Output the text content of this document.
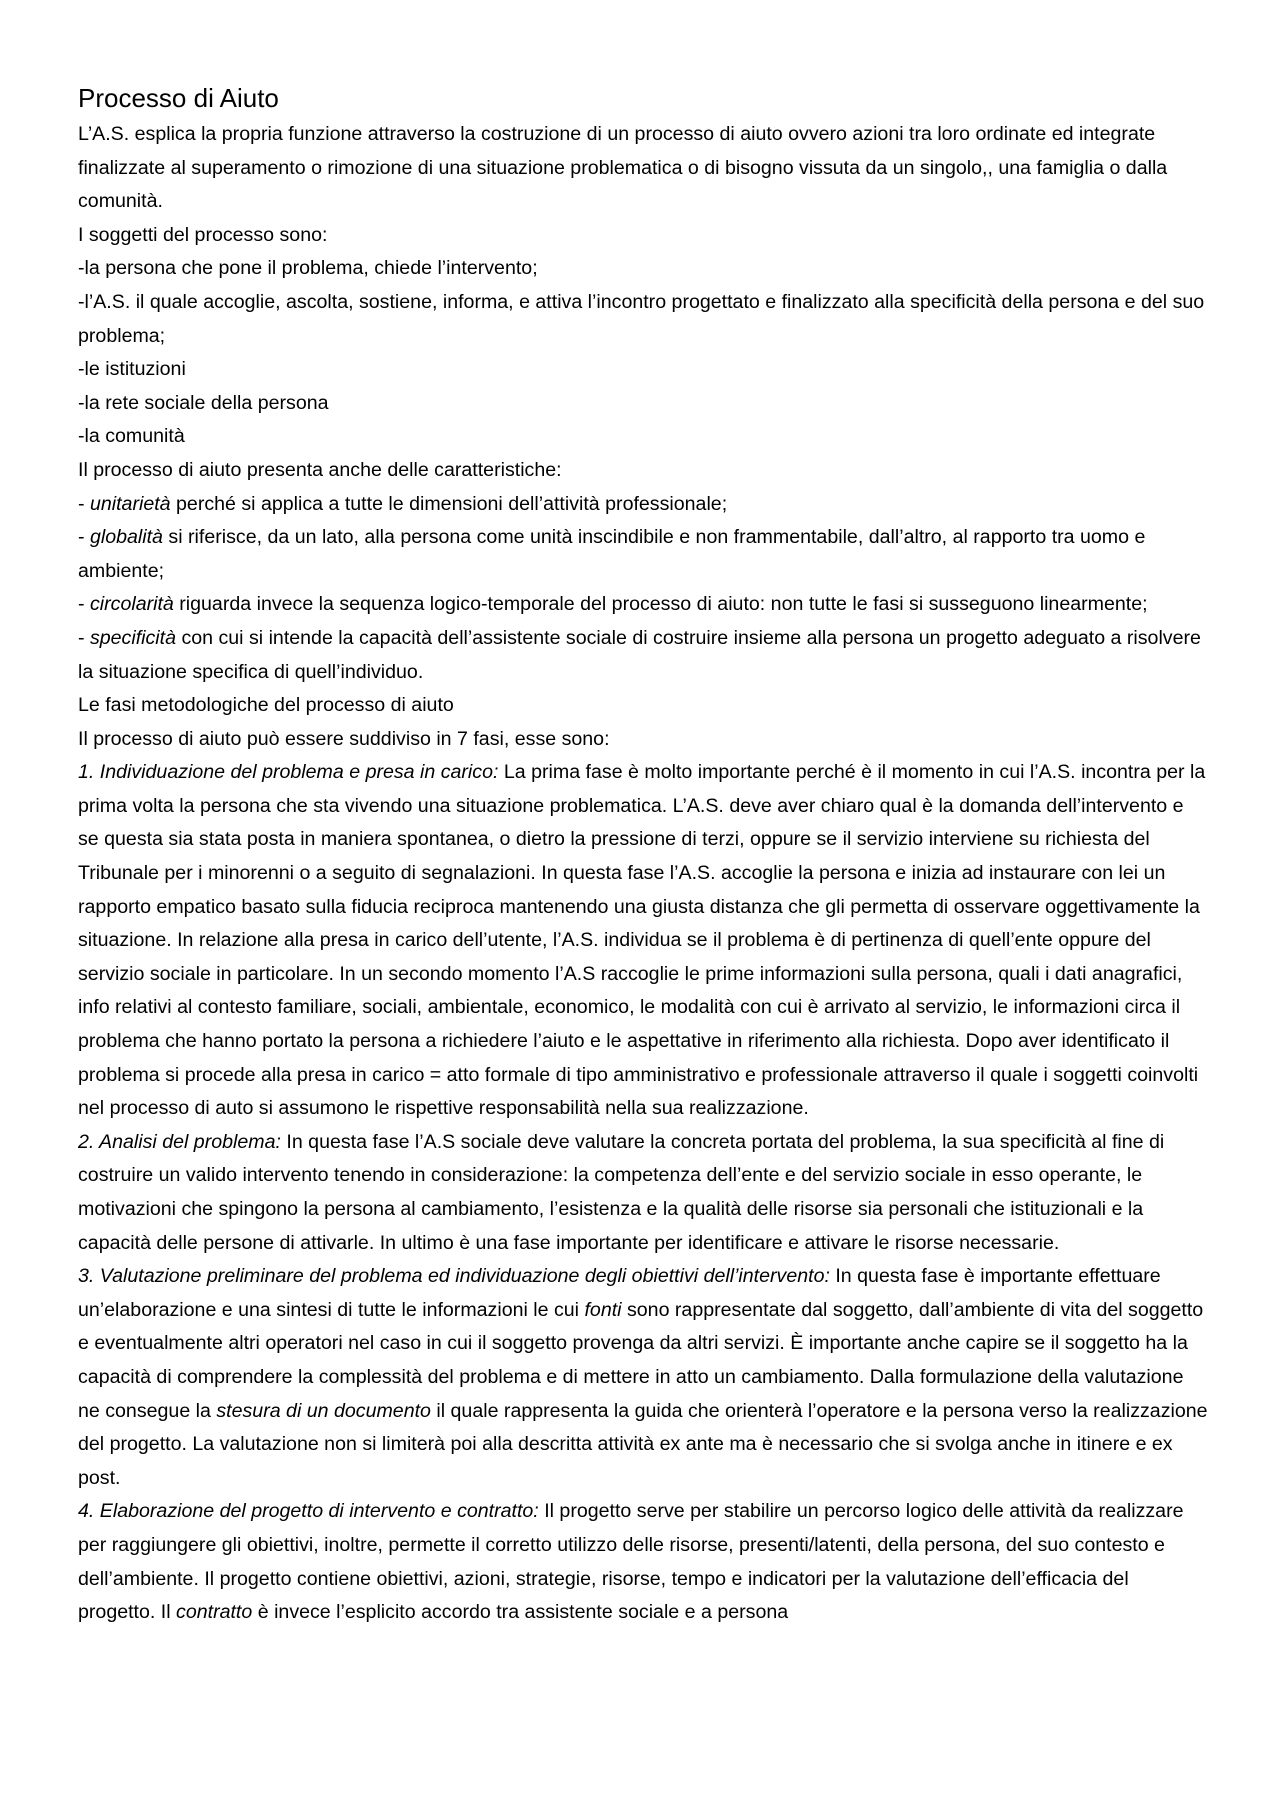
Processo di Aiuto

L’A.S. esplica la propria funzione attraverso la costruzione di un processo di aiuto ovvero azioni tra loro ordinate ed integrate finalizzate al superamento o rimozione di una situazione problematica o di bisogno vissuta da un singolo,, una famiglia o dalla comunità.

I soggetti del processo sono:

-la persona che pone il problema, chiede l’intervento;

-l’A.S. il quale accoglie, ascolta, sostiene, informa, e attiva l’incontro progettato e finalizzato alla specificità della persona e del suo problema;

-le istituzioni

-la rete sociale della persona

-la comunità

Il processo di aiuto presenta anche delle caratteristiche:

- unitarietà perché si applica a tutte le dimensioni dell’attività professionale;

- globalità si riferisce, da un lato, alla persona come unità inscindibile e non frammentabile, dall’altro, al rapporto tra uomo e ambiente;

- circolarità riguarda invece la sequenza logico-temporale del processo di aiuto: non tutte le fasi si susseguono linearmente;

- specificità con cui si intende la capacità dell’assistente sociale di costruire insieme alla persona un progetto adeguato a risolvere la situazione specifica di quell’individuo.

Le fasi metodologiche del processo di aiuto

Il processo di aiuto può essere suddiviso in 7 fasi, esse sono:

1. Individuazione del problema e presa in carico: La prima fase è molto importante perché è il momento in cui l’A.S. incontra per la prima volta la persona che sta vivendo una situazione problematica. L’A.S. deve aver chiaro qual è la domanda dell’intervento e se questa sia stata posta in maniera spontanea, o dietro la pressione di terzi, oppure se il servizio interviene su richiesta del Tribunale per i minorenni o a seguito di segnalazioni. In questa fase l’A.S. accoglie la persona e inizia ad instaurare con lei un rapporto empatico basato sulla fiducia reciproca mantenendo una giusta distanza che gli permetta di osservare oggettivamente la situazione. In relazione alla presa in carico dell’utente, l’A.S. individua se il problema è di pertinenza di quell’ente oppure del servizio sociale in particolare. In un secondo momento l’A.S raccoglie le prime informazioni sulla persona, quali i dati anagrafici, info relativi al contesto familiare, sociali, ambientale, economico, le modalità con cui è arrivato al servizio, le informazioni circa il problema che hanno portato la persona a richiedere l’aiuto e le aspettative in riferimento alla richiesta. Dopo aver identificato il problema si procede alla presa in carico = atto formale di tipo amministrativo e professionale attraverso il quale i soggetti coinvolti nel processo di auto si assumono le rispettive responsabilità nella sua realizzazione.

2. Analisi del problema: In questa fase l’A.S sociale deve valutare la concreta portata del problema, la sua specificità al fine di costruire un valido intervento tenendo in considerazione: la competenza dell’ente e del servizio sociale in esso operante, le motivazioni che spingono la persona al cambiamento, l’esistenza e la qualità delle risorse sia personali che istituzionali e la capacità delle persone di attivarle. In ultimo è una fase importante per identificare e attivare le risorse necessarie.

3. Valutazione preliminare del problema ed individuazione degli obiettivi dell’intervento: In questa fase è importante effettuare un’elaborazione e una sintesi di tutte le informazioni le cui fonti sono rappresentate dal soggetto, dall’ambiente di vita del soggetto e eventualmente altri operatori nel caso in cui il soggetto provenga da altri servizi. È importante anche capire se il soggetto ha la capacità di comprendere la complessità del problema e di mettere in atto un cambiamento. Dalla formulazione della valutazione ne consegue la stesura di un documento il quale rappresenta la guida che orienterà l’operatore e la persona verso la realizzazione del progetto. La valutazione non si limiterà poi alla descritta attività ex ante ma è necessario che si svolga anche in itinere e ex post.

4. Elaborazione del progetto di intervento e contratto: Il progetto serve per stabilire un percorso logico delle attività da realizzare per raggiungere gli obiettivi, inoltre, permette il corretto utilizzo delle risorse, presenti/latenti, della persona, del suo contesto e dell’ambiente. Il progetto contiene obiettivi, azioni, strategie, risorse, tempo e indicatori per la valutazione dell’efficacia del progetto. Il contratto è invece l’esplicito accordo tra assistente sociale e a persona
